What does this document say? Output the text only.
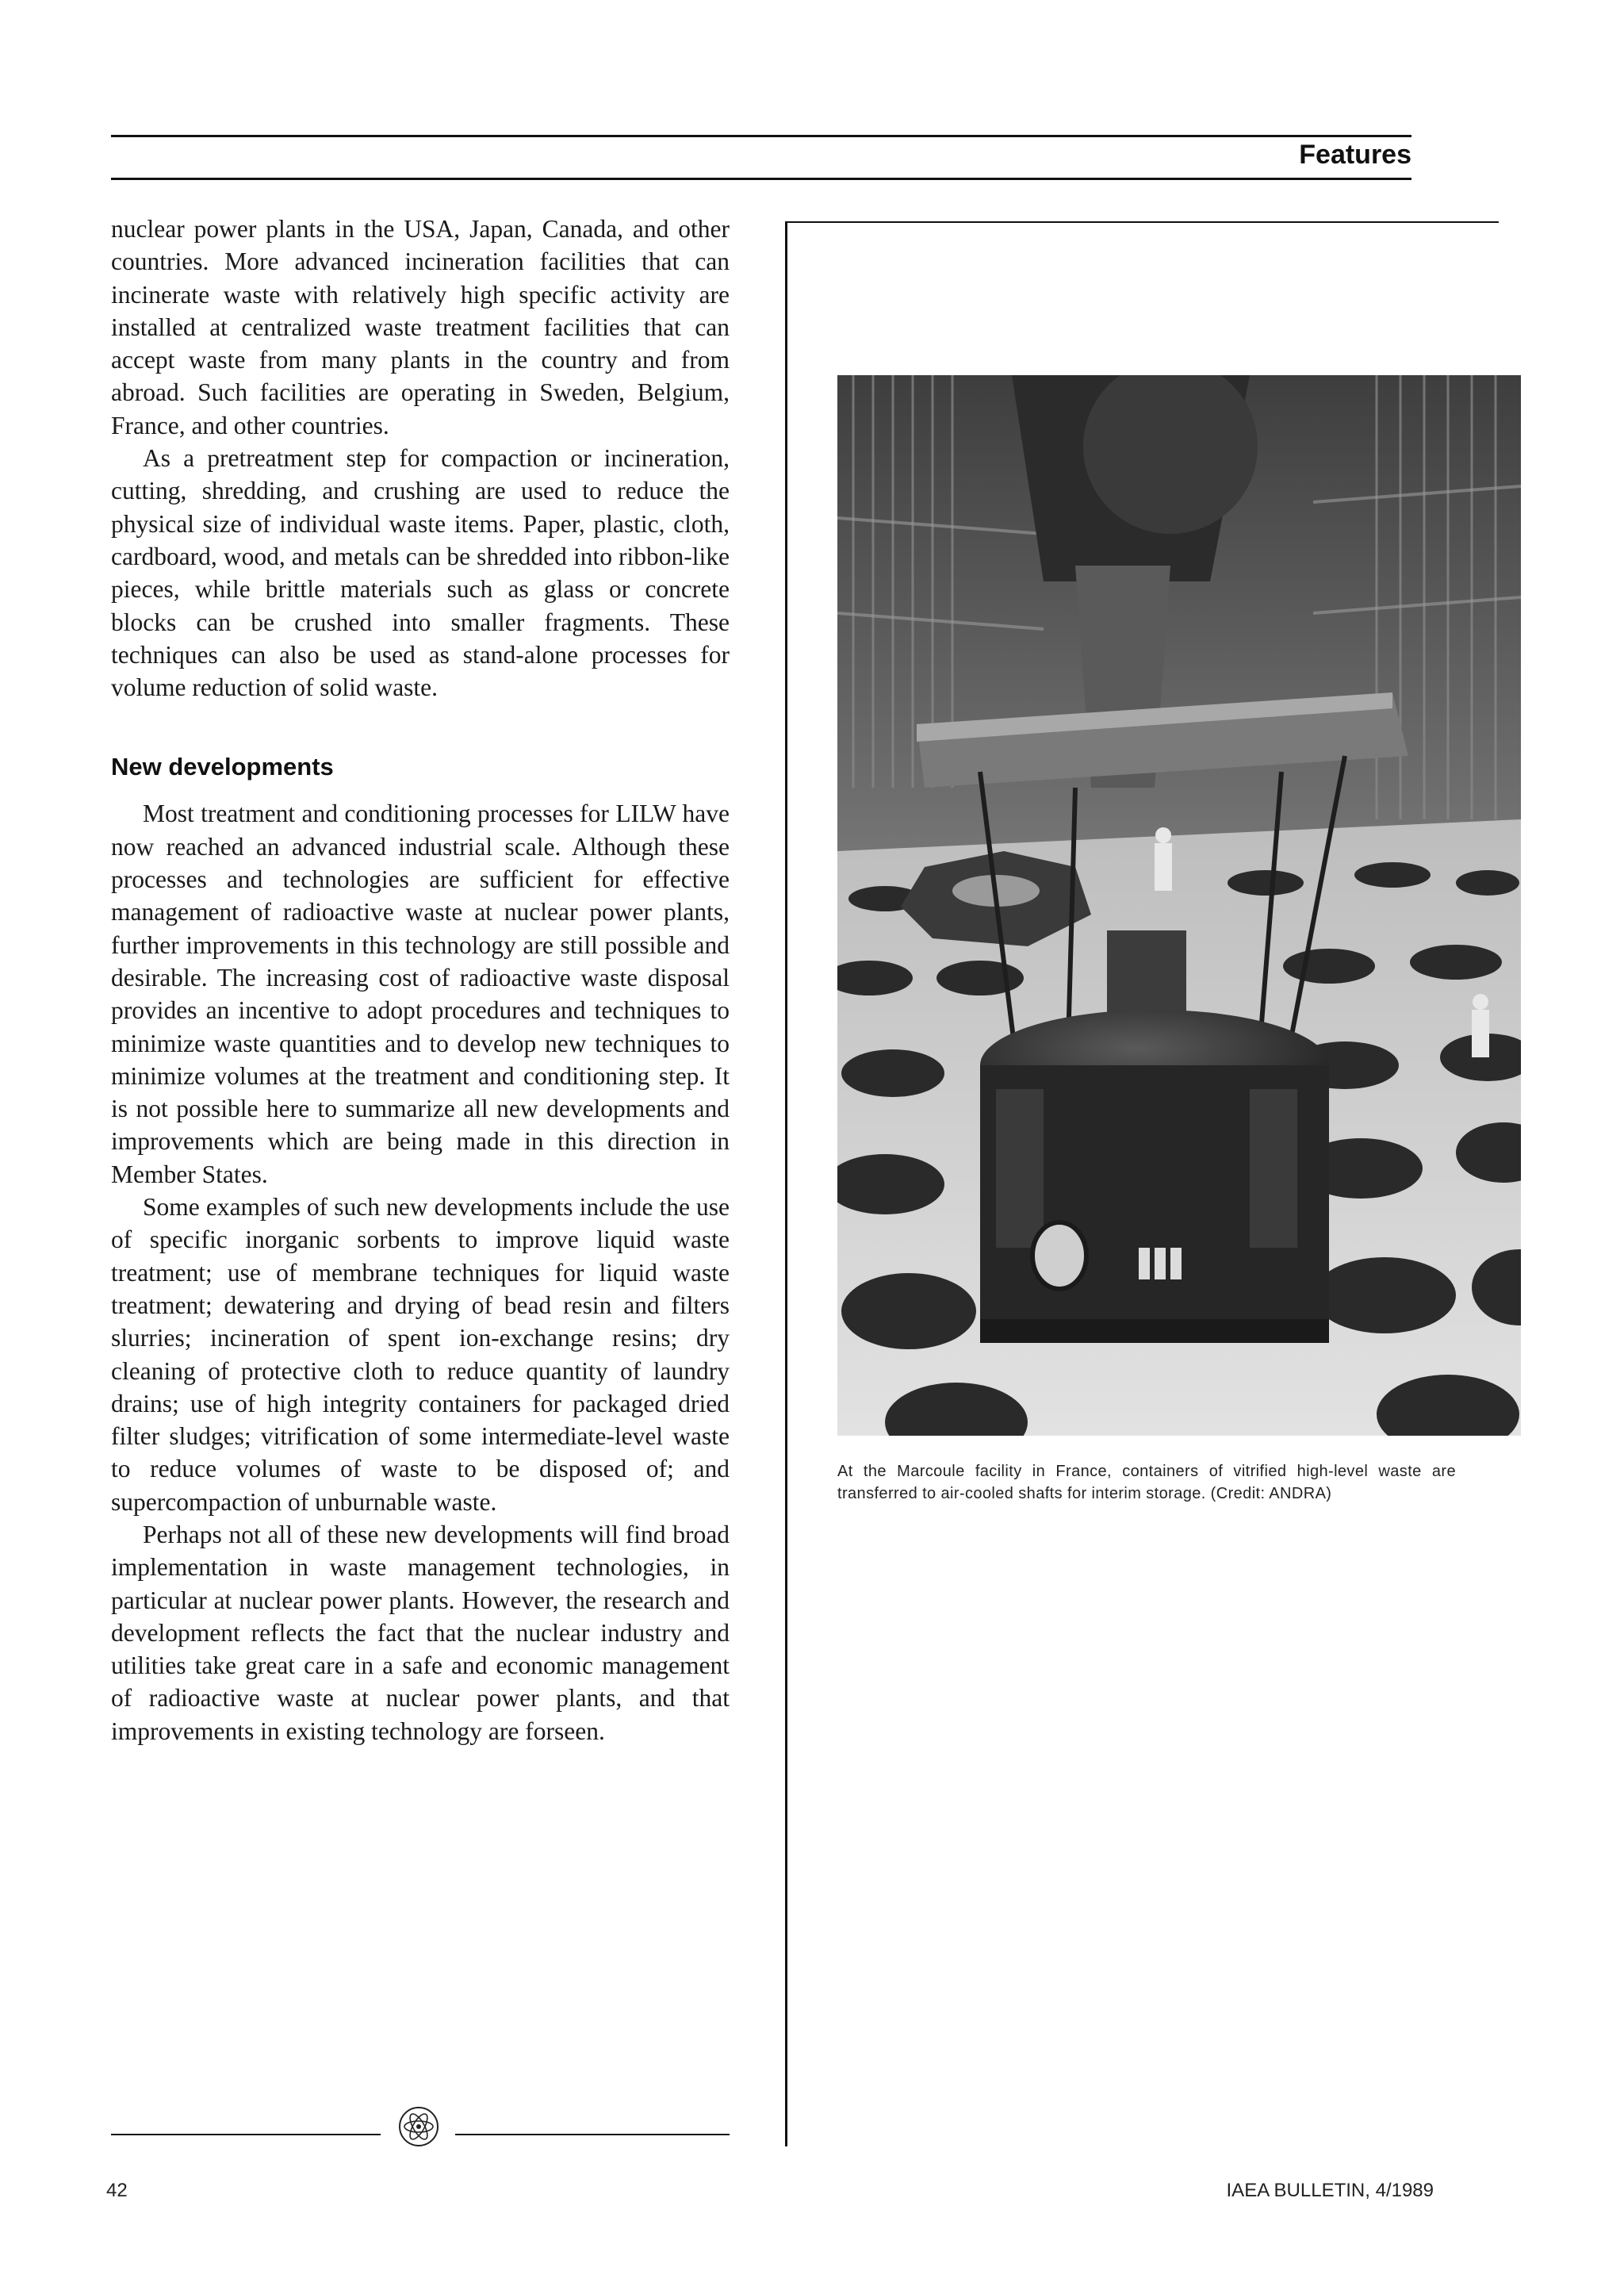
Features

nuclear power plants in the USA, Japan, Canada, and other countries. More advanced incineration facilities that can incinerate waste with relatively high specific activity are installed at centralized waste treatment facilities that can accept waste from many plants in the country and from abroad. Such facilities are operating in Sweden, Belgium, France, and other countries.

As a pretreatment step for compaction or incineration, cutting, shredding, and crushing are used to reduce the physical size of individual waste items. Paper, plastic, cloth, cardboard, wood, and metals can be shredded into ribbon-like pieces, while brittle materials such as glass or concrete blocks can be crushed into smaller fragments. These techniques can also be used as stand-alone processes for volume reduction of solid waste.

New developments

Most treatment and conditioning processes for LILW have now reached an advanced industrial scale. Although these processes and technologies are sufficient for effective management of radioactive waste at nuclear power plants, further improvements in this technology are still possible and desirable. The increasing cost of radioactive waste disposal provides an incentive to adopt procedures and techniques to minimize waste quantities and to develop new techniques to minimize volumes at the treatment and conditioning step. It is not possible here to summarize all new developments and improvements which are being made in this direction in Member States.

Some examples of such new developments include the use of specific inorganic sorbents to improve liquid waste treatment; use of membrane techniques for liquid waste treatment; dewatering and drying of bead resin and filters slurries; incineration of spent ion-exchange resins; dry cleaning of protective cloth to reduce quantity of laundry drains; use of high integrity containers for packaged dried filter sludges; vitrification of some intermediate-level waste to reduce volumes of waste to be disposed of; and supercompaction of unburnable waste.

Perhaps not all of these new developments will find broad implementation in waste management technologies, in particular at nuclear power plants. However, the research and development reflects the fact that the nuclear industry and utilities take great care in a safe and economic management of radioactive waste at nuclear power plants, and that improvements in existing technology are forseen.

At the Marcoule facility in France, containers of vitrified high-level waste are transferred to air-cooled shafts for interim storage. (Credit: ANDRA)
42	IAEA BULLETIN, 4/1989
